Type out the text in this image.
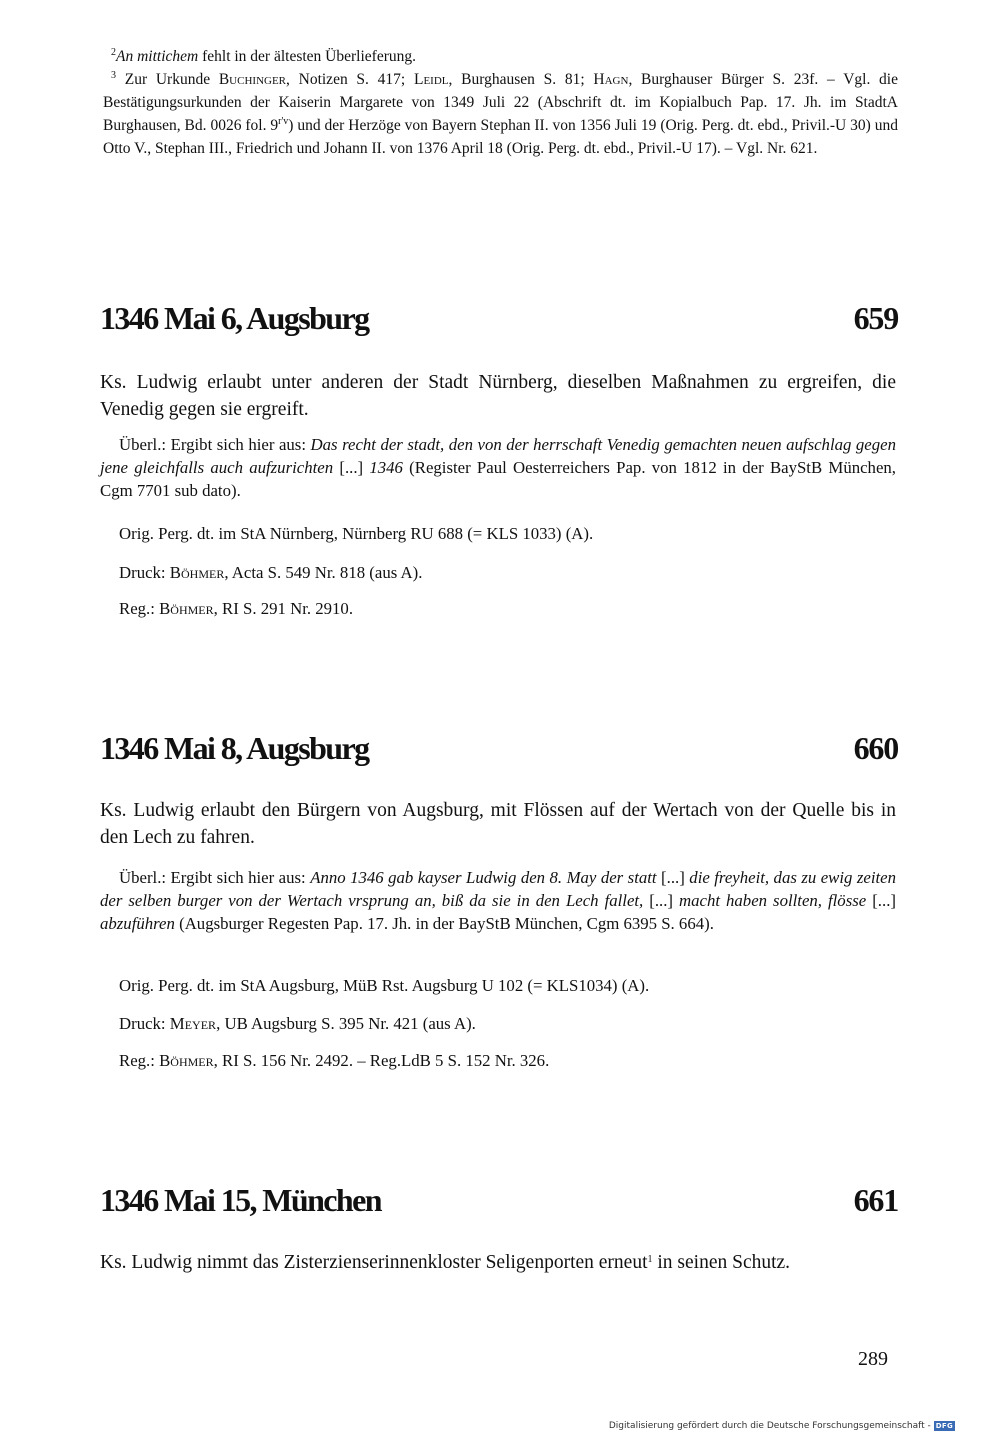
$^2$An mittichem fehlt in der ältesten Überlieferung.

$^3$ Zur Urkunde Buchinger, Notizen S. 417; Leidl, Burghausen S. 81; Hagn, Burghauser Bürger S. 23f. – Vgl. die Bestätigungsurkunden der Kaiserin Margarete von 1349 Juli 22 (Abschrift dt. im Kopialbuch Pap. 17. Jh. im StadtA Burghausen, Bd. 0026 fol. $9^{r'v}$) und der Herzöge von Bayern Stephan II. von 1356 Juli 19 (Orig. Perg. dt. ebd., Privil.-U 30) und Otto V., Stephan III., Friedrich und Johann II. von 1376 April 18 (Orig. Perg. dt. ebd., Privil.-U 17). – Vgl. Nr. 621.

1346 Mai 6, Augsburg	659
Ks. Ludwig erlaubt unter anderen der Stadt Nürnberg, dieselben Maßnahmen zu ergreifen, die Venedig gegen sie ergreift.
Überl.: Ergibt sich hier aus: Das recht der stadt, den von der herrschaft Venedig gemachten neuen aufschlag gegen jene gleichfalls auch aufzurichten [...] 1346 (Register Paul Oesterreichers Pap. von 1812 in der BayStB München, Cgm 7701 sub dato).
Orig. Perg. dt. im StA Nürnberg, Nürnberg RU 688 (= KLS 1033) (A).
Druck: Böhmer, Acta S. 549 Nr. 818 (aus A).
Reg.: Böhmer, RI S. 291 Nr. 2910.
1346 Mai 8, Augsburg	660
Ks. Ludwig erlaubt den Bürgern von Augsburg, mit Flössen auf der Wertach von der Quelle bis in den Lech zu fahren.
Überl.: Ergibt sich hier aus: Anno 1346 gab kayser Ludwig den 8. May der statt [...] die freyheit, das zu ewig zeiten der selben burger von der Wertach vrsprung an, biß da sie in den Lech fallet, [...] macht haben sollten, flösse [...] abzuführen (Augsburger Regesten Pap. 17. Jh. in der BayStB München, Cgm 6395 S. 664).
Orig. Perg. dt. im StA Augsburg, MüB Rst. Augsburg U 102 (= KLS1034) (A).
Druck: Meyer, UB Augsburg S. 395 Nr. 421 (aus A).
Reg.: Böhmer, RI S. 156 Nr. 2492. – Reg.LdB 5 S. 152 Nr. 326.
1346 Mai 15, München	661
Ks. Ludwig nimmt das Zisterzienserinnenkloster Seligenporten erneut$^1$ in seinen Schutz.
289
Digitalisierung gefördert durch die Deutsche Forschungsgemeinschaft - DFG
